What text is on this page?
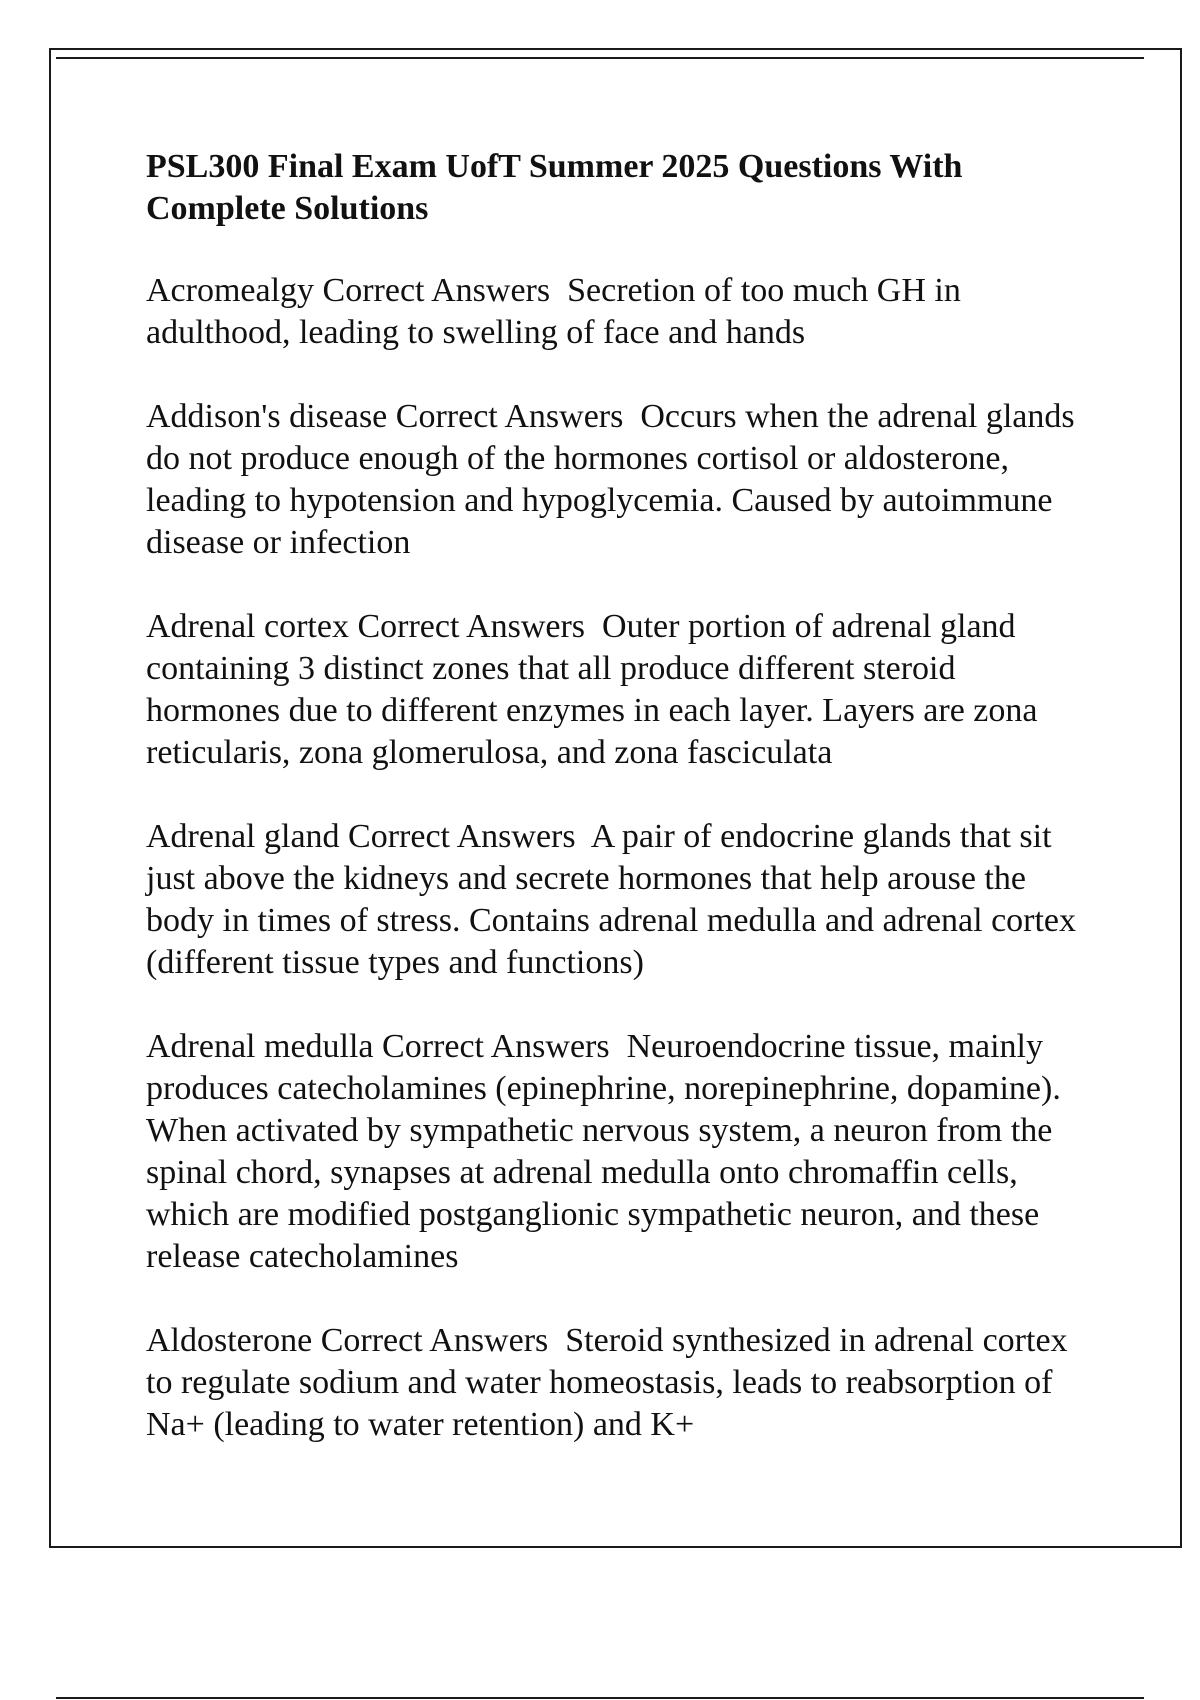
PSL300 Final Exam UofT Summer 2025 Questions With Complete Solutions

Acromealgy Correct Answers Secretion of too much GH in adulthood, leading to swelling of face and hands

Addison's disease Correct Answers Occurs when the adrenal glands do not produce enough of the hormones cortisol or aldosterone, leading to hypotension and hypoglycemia. Caused by autoimmune disease or infection

Adrenal cortex Correct Answers Outer portion of adrenal gland containing 3 distinct zones that all produce different steroid hormones due to different enzymes in each layer. Layers are zona reticularis, zona glomerulosa, and zona fasciculata

Adrenal gland Correct Answers A pair of endocrine glands that sit just above the kidneys and secrete hormones that help arouse the body in times of stress. Contains adrenal medulla and adrenal cortex (different tissue types and functions)

Adrenal medulla Correct Answers Neuroendocrine tissue, mainly produces catecholamines (epinephrine, norepinephrine, dopamine). When activated by sympathetic nervous system, a neuron from the spinal chord, synapses at adrenal medulla onto chromaffin cells, which are modified postganglionic sympathetic neuron, and these release catecholamines

Aldosterone Correct Answers Steroid synthesized in adrenal cortex to regulate sodium and water homeostasis, leads to reabsorption of Na+ (leading to water retention) and K+
